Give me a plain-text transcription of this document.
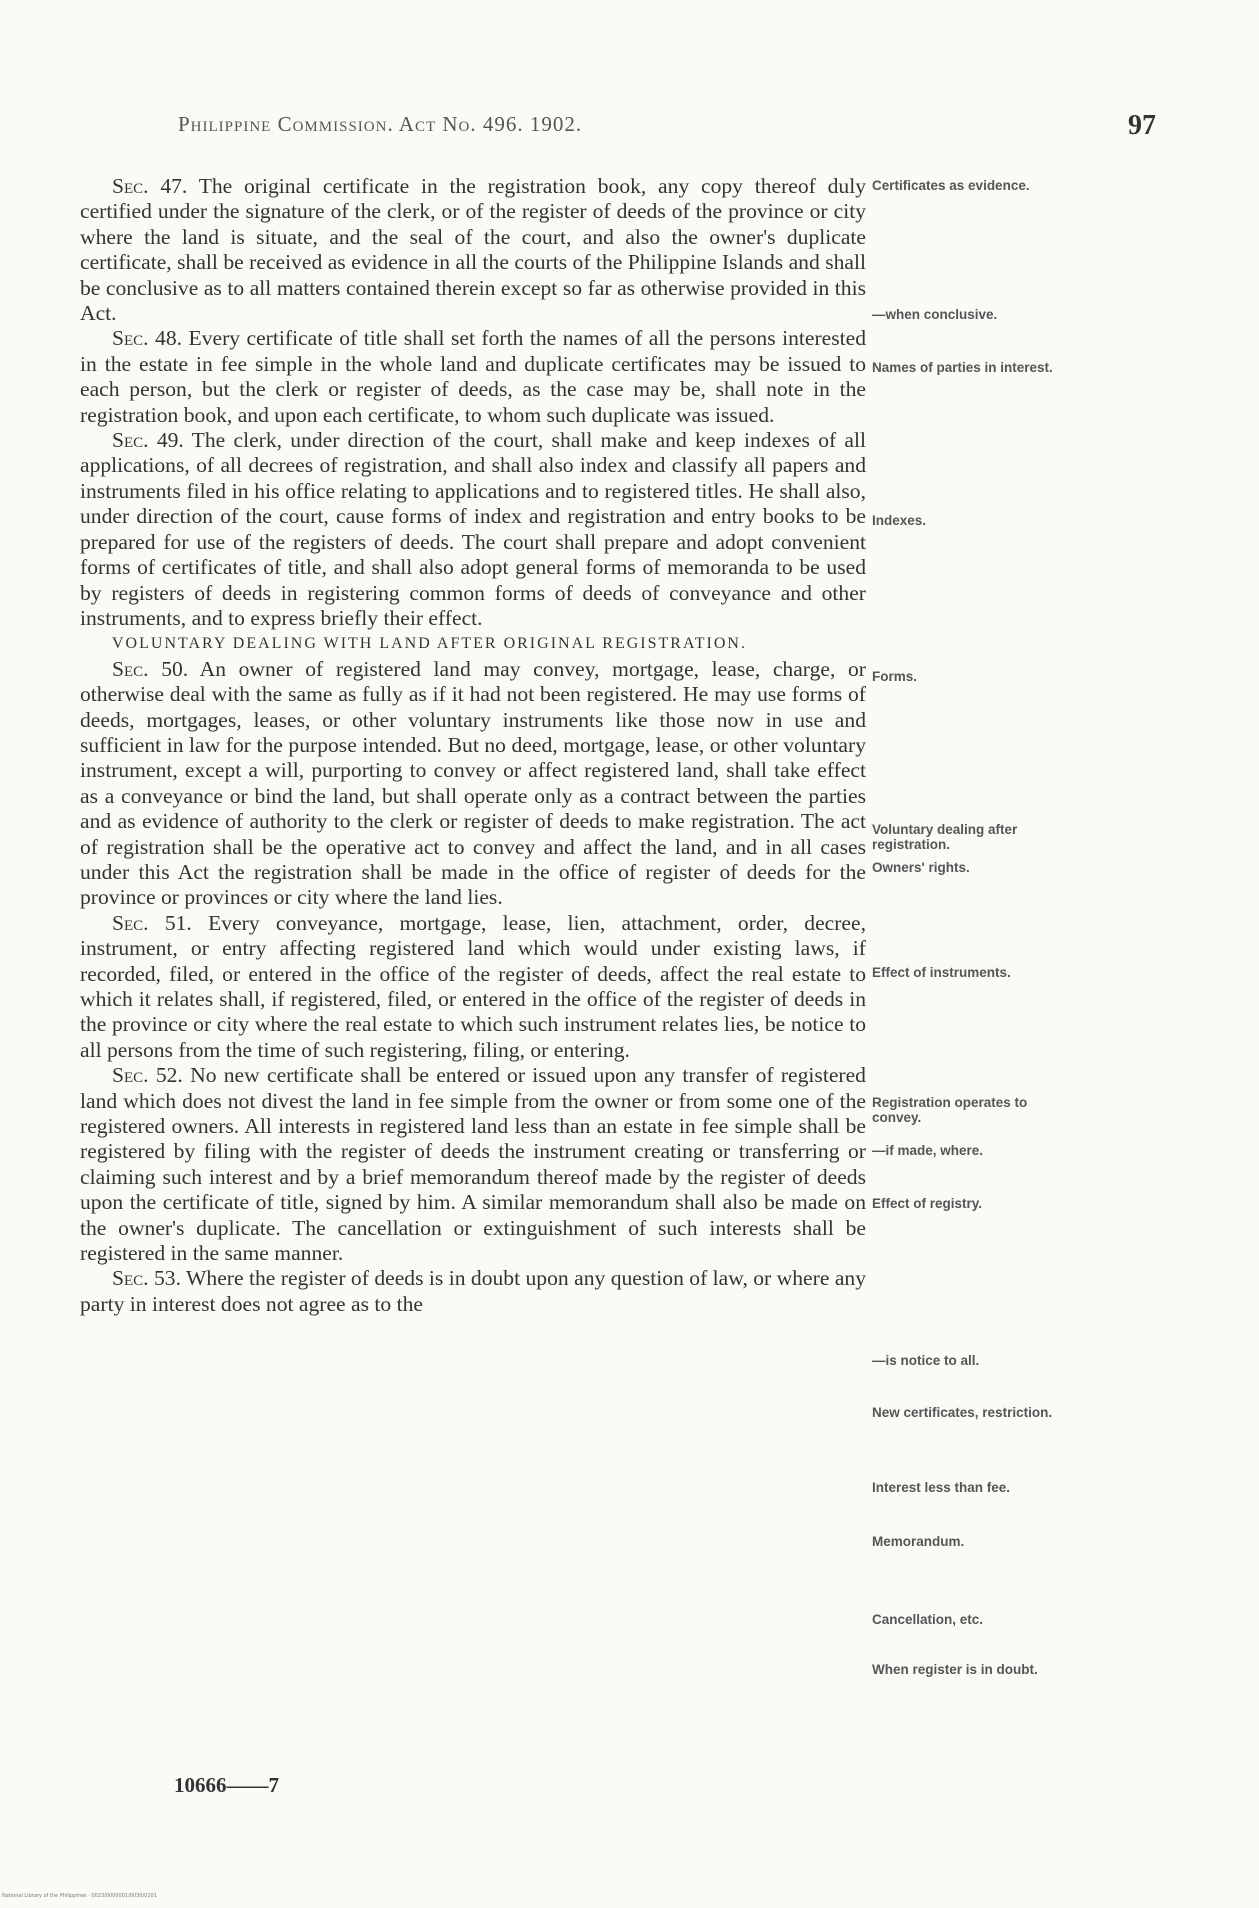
Philippine Commission. Act No. 496. 1902.	97

Sec. 47. The original certificate in the registration book, any copy thereof duly certified under the signature of the clerk, or of the register of deeds of the province or city where the land is situate, and the seal of the court, and also the owner's duplicate certificate, shall be received as evidence in all the courts of the Philippine Islands and shall be conclusive as to all matters contained therein except so far as otherwise provided in this Act.

Sec. 48. Every certificate of title shall set forth the names of all the persons interested in the estate in fee simple in the whole land and duplicate certificates may be issued to each person, but the clerk or register of deeds, as the case may be, shall note in the registration book, and upon each certificate, to whom such duplicate was issued.

Sec. 49. The clerk, under direction of the court, shall make and keep indexes of all applications, of all decrees of registration, and shall also index and classify all papers and instruments filed in his office relating to applications and to registered titles. He shall also, under direction of the court, cause forms of index and registration and entry books to be prepared for use of the registers of deeds. The court shall prepare and adopt convenient forms of certificates of title, and shall also adopt general forms of memoranda to be used by registers of deeds in registering common forms of deeds of conveyance and other instruments, and to express briefly their effect.

VOLUNTARY DEALING WITH LAND AFTER ORIGINAL REGISTRATION.

Sec. 50. An owner of registered land may convey, mortgage, lease, charge, or otherwise deal with the same as fully as if it had not been registered. He may use forms of deeds, mortgages, leases, or other voluntary instruments like those now in use and sufficient in law for the purpose intended. But no deed, mortgage, lease, or other voluntary instrument, except a will, purporting to convey or affect registered land, shall take effect as a conveyance or bind the land, but shall operate only as a contract between the parties and as evidence of authority to the clerk or register of deeds to make registration. The act of registration shall be the operative act to convey and affect the land, and in all cases under this Act the registration shall be made in the office of register of deeds for the province or provinces or city where the land lies.

Sec. 51. Every conveyance, mortgage, lease, lien, attachment, order, decree, instrument, or entry affecting registered land which would under existing laws, if recorded, filed, or entered in the office of the register of deeds, affect the real estate to which it relates shall, if registered, filed, or entered in the office of the register of deeds in the province or city where the real estate to which such instrument relates lies, be notice to all persons from the time of such registering, filing, or entering.

Sec. 52. No new certificate shall be entered or issued upon any transfer of registered land which does not divest the land in fee simple from the owner or from some one of the registered owners. All interests in registered land less than an estate in fee simple shall be registered by filing with the register of deeds the instrument creating or transferring or claiming such interest and by a brief memorandum thereof made by the register of deeds upon the certificate of title, signed by him. A similar memorandum shall also be made on the owner's duplicate. The cancellation or extinguishment of such interests shall be registered in the same manner.

Sec. 53. Where the register of deeds is in doubt upon any question of law, or where any party in interest does not agree as to the

Certificates as evidence.
—when conclusive.
Names of parties in interest.
Indexes.
Forms.
Voluntary dealing after registration.
Owners' rights.
Effect of instruments.
Registration operates to convey.
—if made, where.
Effect of registry.
—is notice to all.
New certificates, restriction.
Interest less than fee.
Memorandum.
Cancellation, etc.
When register is in doubt.
10666——7
National Library of the Philippines · 0023/0000001/0030/0101
